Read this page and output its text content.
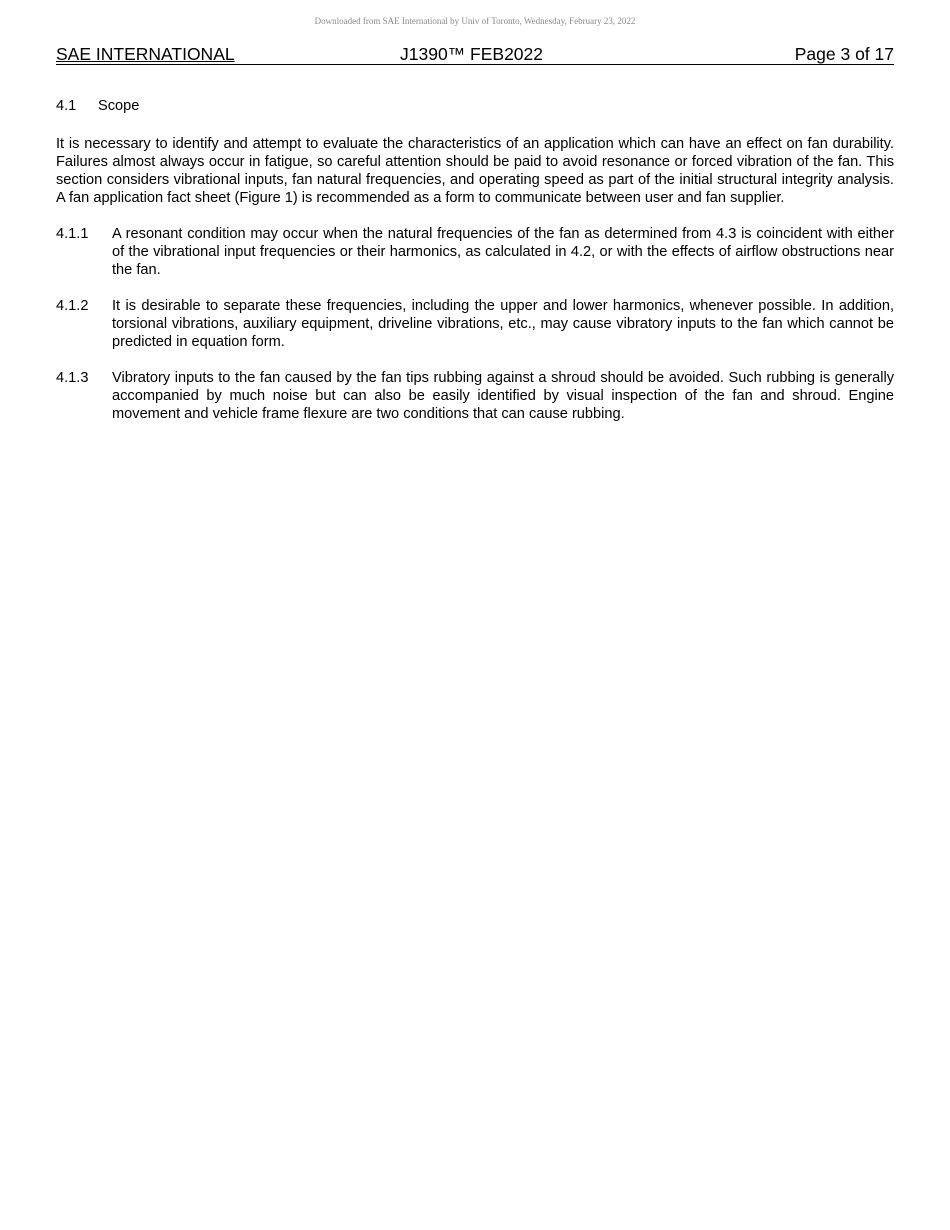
Downloaded from SAE International by Univ of Toronto, Wednesday, February 23, 2022
SAE INTERNATIONAL	J1390™ FEB2022	Page 3 of 17
4.1 Scope

It is necessary to identify and attempt to evaluate the characteristics of an application which can have an effect on fan durability. Failures almost always occur in fatigue, so careful attention should be paid to avoid resonance or forced vibration of the fan. This section considers vibrational inputs, fan natural frequencies, and operating speed as part of the initial structural integrity analysis. A fan application fact sheet (Figure 1) is recommended as a form to communicate between user and fan supplier.

4.1.1	A resonant condition may occur when the natural frequencies of the fan as determined from 4.3 is coincident with either of the vibrational input frequencies or their harmonics, as calculated in 4.2, or with the effects of airflow obstructions near the fan.
4.1.2	It is desirable to separate these frequencies, including the upper and lower harmonics, whenever possible. In addition, torsional vibrations, auxiliary equipment, driveline vibrations, etc., may cause vibratory inputs to the fan which cannot be predicted in equation form.
4.1.3	Vibratory inputs to the fan caused by the fan tips rubbing against a shroud should be avoided. Such rubbing is generally accompanied by much noise but can also be easily identified by visual inspection of the fan and shroud. Engine movement and vehicle frame flexure are two conditions that can cause rubbing.
